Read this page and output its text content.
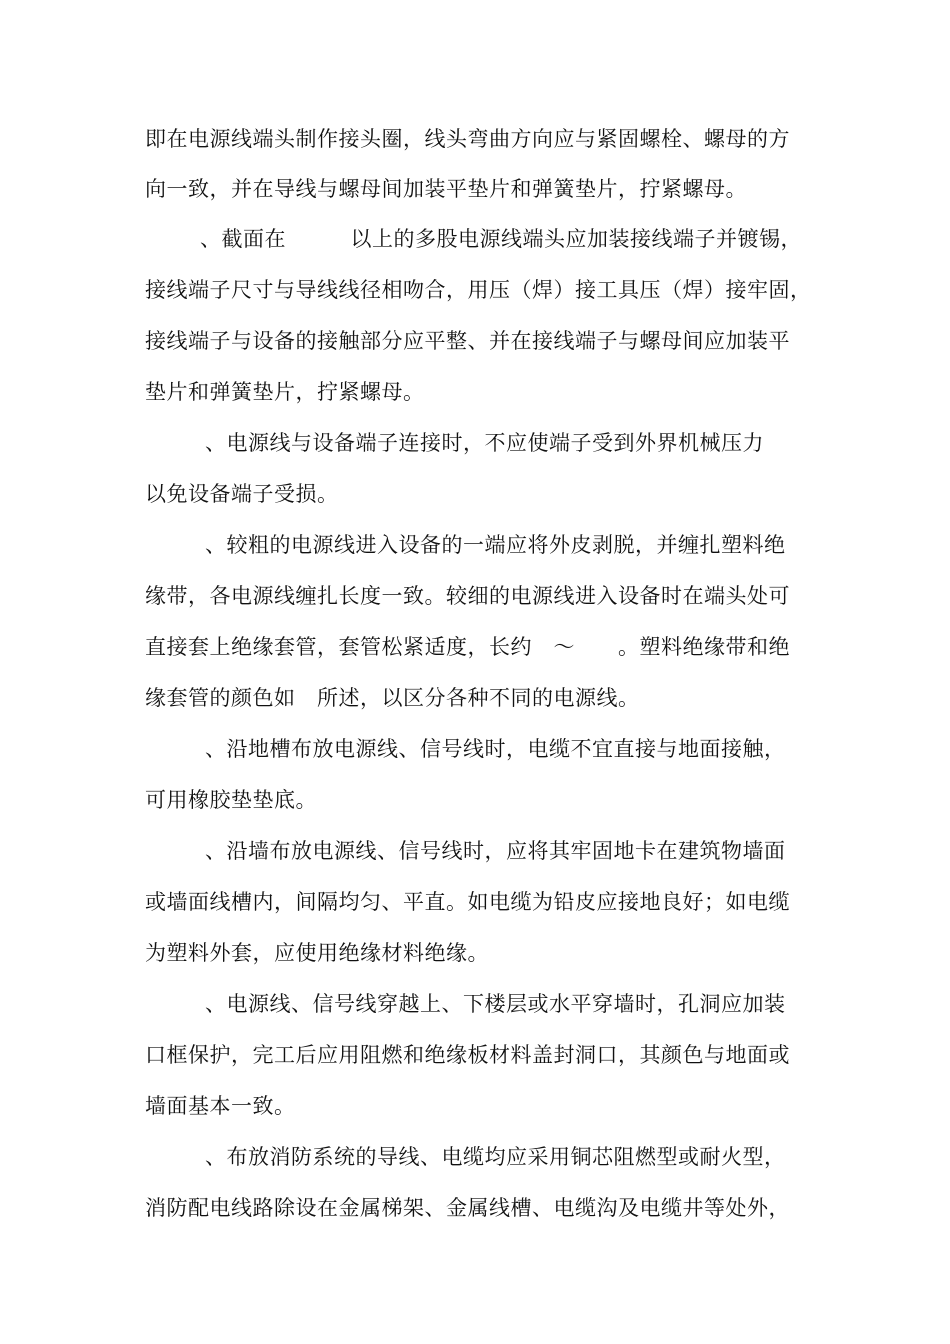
即在电源线端头制作接头圈，线头弯曲方向应与紧固螺栓、螺母的方
向一致，并在导线与螺母间加装平垫片和弹簧垫片，拧紧螺母。
、截面在　　　以上的多股电源线端头应加装接线端子并镀锡，
接线端子尺寸与导线线径相吻合，用压（焊）接工具压（焊）接牢固，
接线端子与设备的接触部分应平整、并在接线端子与螺母间应加装平
垫片和弹簧垫片，拧紧螺母。
、电源线与设备端子连接时，不应使端子受到外界机械压力
以免设备端子受损。
、较粗的电源线进入设备的一端应将外皮剥脱，并缠扎塑料绝
缘带，各电源线缠扎长度一致。较细的电源线进入设备时在端头处可
直接套上绝缘套管，套管松紧适度，长约　～　　。塑料绝缘带和绝
缘套管的颜色如　所述，以区分各种不同的电源线。
、沿地槽布放电源线、信号线时，电缆不宜直接与地面接触，
可用橡胶垫垫底。
、沿墙布放电源线、信号线时，应将其牢固地卡在建筑物墙面
或墙面线槽内，间隔均匀、平直。如电缆为铅皮应接地良好；如电缆
为塑料外套，应使用绝缘材料绝缘。
、电源线、信号线穿越上、下楼层或水平穿墙时，孔洞应加装
口框保护，完工后应用阻燃和绝缘板材料盖封洞口，其颜色与地面或
墙面基本一致。
、布放消防系统的导线、电缆均应采用铜芯阻燃型或耐火型，
消防配电线路除设在金属梯架、金属线槽、电缆沟及电缆井等处外，
